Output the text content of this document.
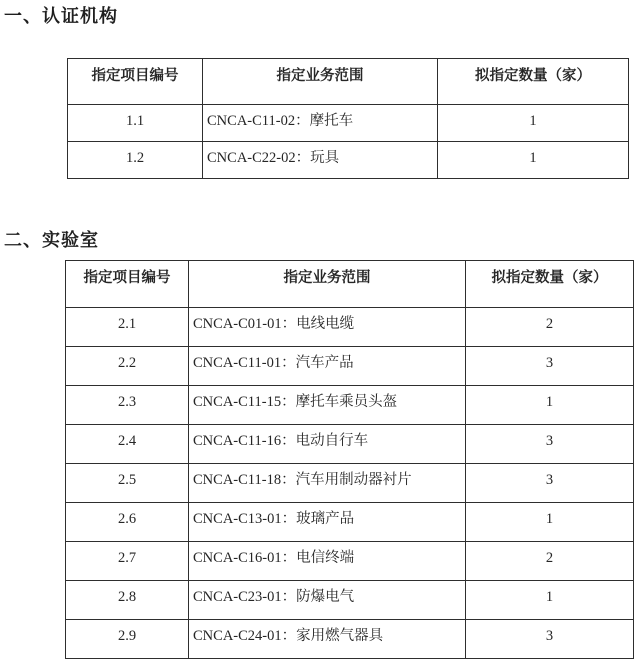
一、认证机构
指定项目编号	指定业务范围	拟指定数量（家）
1.1	CNCA-C11-02：摩托车	1
1.2	CNCA-C22-02：玩具	1
二、实验室
指定项目编号	指定业务范围	拟指定数量（家）
2.1	CNCA-C01-01：电线电缆	2
2.2	CNCA-C11-01：汽车产品	3
2.3	CNCA-C11-15：摩托车乘员头盔	1
2.4	CNCA-C11-16：电动自行车	3
2.5	CNCA-C11-18：汽车用制动器衬片	3
2.6	CNCA-C13-01：玻璃产品	1
2.7	CNCA-C16-01：电信终端	2
2.8	CNCA-C23-01：防爆电气	1
2.9	CNCA-C24-01：家用燃气器具	3
